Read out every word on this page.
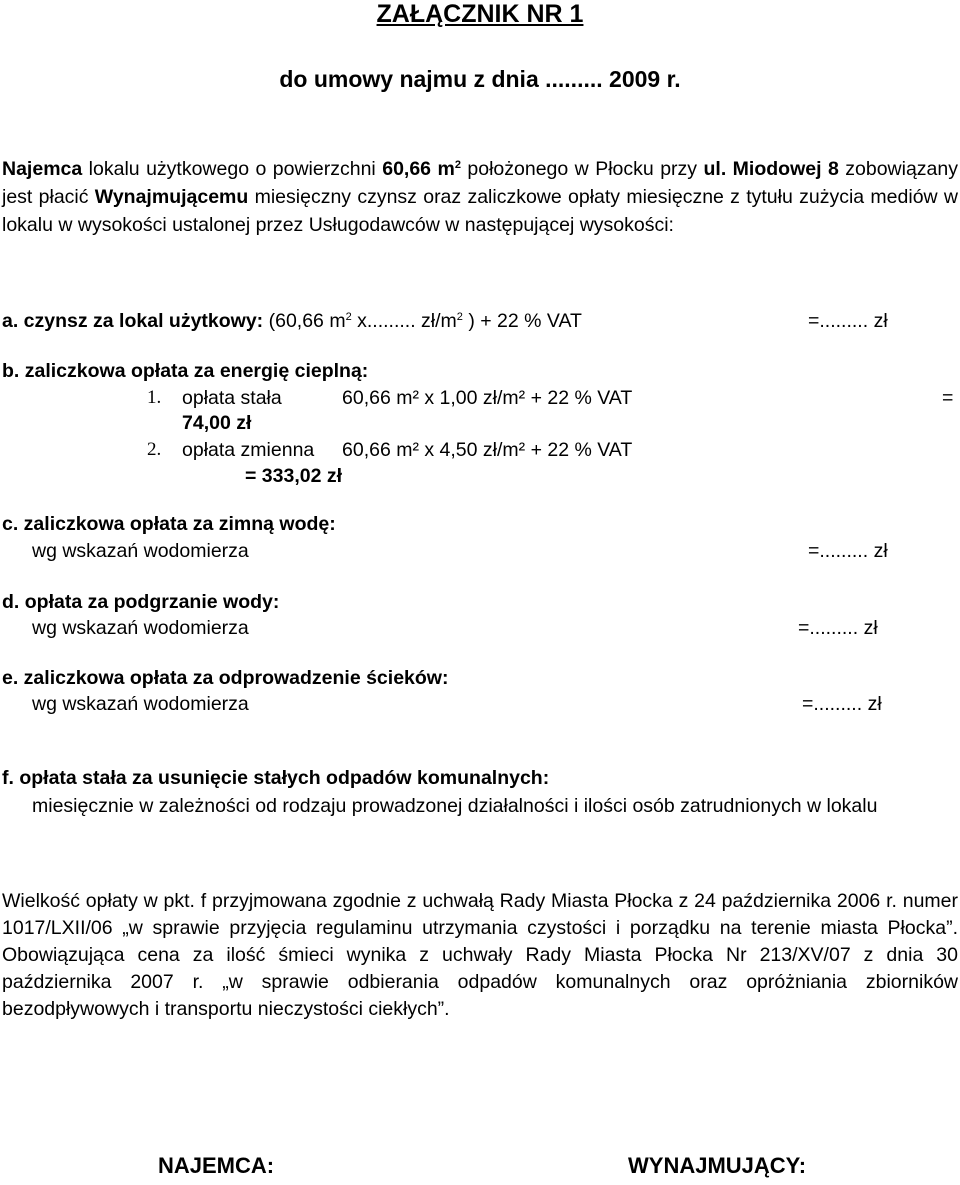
ZAŁĄCZNIK NR 1
do umowy najmu z dnia ......... 2009 r.
Najemca lokalu użytkowego o powierzchni 60,66 $m^2$ położonego w Płocku przy ul. Miodowej 8 zobowiązany jest płacić Wynajmującemu miesięczny czynsz oraz zaliczkowe opłaty miesięczne z tytułu zużycia mediów w lokalu w wysokości ustalonej przez Usługodawców w następującej wysokości:
a. czynsz za lokal użytkowy: (60,66 $m^2$ x......... $zł/m^2$ ) + 22 % VAT	=......... zł
b. zaliczkowa opłata za energię cieplną:
1. opłata stała	60,66 m² x 1,00 zł/m² + 22 % VAT	=
74,00 zł
2. opłata zmienna 60,66 m² x 4,50 zł/m² + 22 % VAT
= 333,02 zł
c. zaliczkowa opłata za zimną wodę:
wg wskazań wodomierza	=......... zł
d. opłata za podgrzanie wody:
wg wskazań wodomierza	=......... zł
e. zaliczkowa opłata za odprowadzenie ścieków:
wg wskazań wodomierza	=......... zł
f. opłata stała za usunięcie stałych odpadów komunalnych:
miesięcznie w zależności od rodzaju prowadzonej działalności i ilości osób zatrudnionych w lokalu
Wielkość opłaty w pkt. f przyjmowana zgodnie z uchwałą Rady Miasta Płocka z 24 października 2006 r. numer 1017/LXII/06 „w sprawie przyjęcia regulaminu utrzymania czystości i porządku na terenie miasta Płocka”. Obowiązująca cena za ilość śmieci wynika z uchwały Rady Miasta Płocka Nr 213/XV/07 z dnia 30 października 2007 r. „w sprawie odbierania odpadów komunalnych oraz opróżniania zbiorników bezodpływowych i transportu nieczystości ciekłych”.
NAJEMCA:	WYNAJMUJĄCY:
